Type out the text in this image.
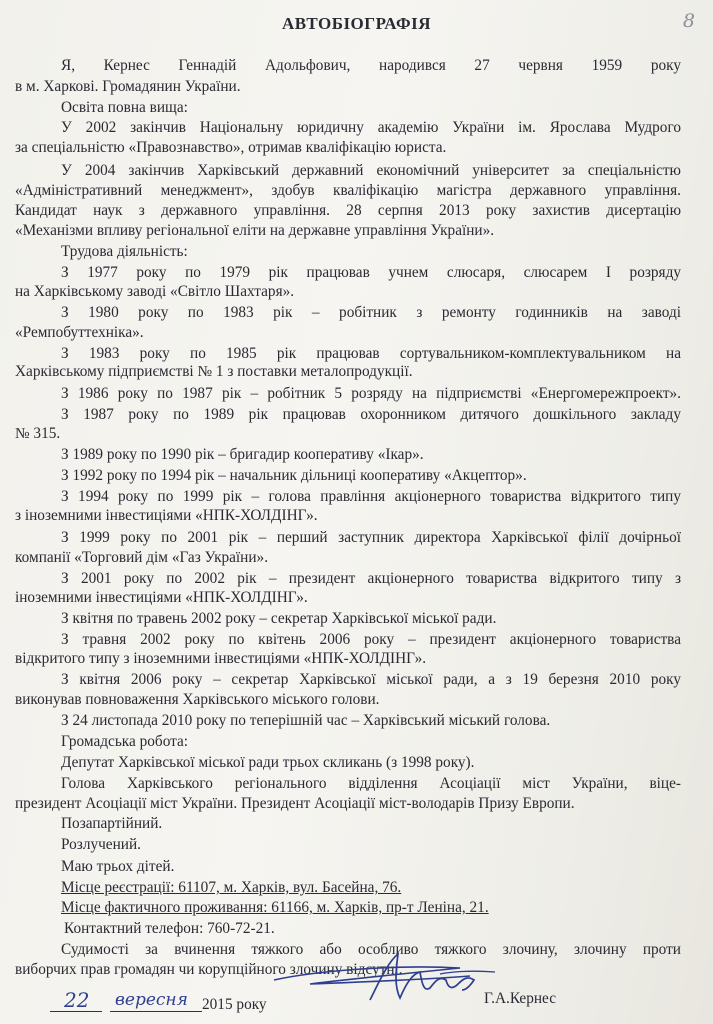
8
АВТОБІОГРАФІЯ
Я, Кернес Геннадій Адольфович, народився 27 червня 1959 року
в м. Харкові. Громадянин України.
Освіта повна вища:
У 2002 закінчив Національну юридичну академію України ім. Ярослава Мудрого
за спеціальністю «Правознавство», отримав кваліфікацію юриста.
У 2004 закінчив Харківський державний економічний університет за спеціальністю
«Адміністративний менеджмент», здобув кваліфікацію магістра державного управління.
Кандидат наук з державного управління. 28 серпня 2013 року захистив дисертацію
«Механізми впливу регіональної еліти на державне управління України».
Трудова діяльність:
З 1977 року по 1979 рік працював учнем слюсаря, слюсарем І розряду
на Харківському заводі «Світло Шахтаря».
З 1980 року по 1983 рік – робітник з ремонту годинників на заводі
«Ремпобуттехніка».
З 1983 року по 1985 рік працював сортувальником-комплектувальником на
Харківському підприємстві № 1 з поставки металопродукції.
З 1986 року по 1987 рік – робітник 5 розряду на підприємстві «Енергомережпроект».
З 1987 року по 1989 рік працював охоронником дитячого дошкільного закладу
№ 315.
З 1989 року по 1990 рік – бригадир кооперативу «Ікар».
З 1992 року по 1994 рік – начальник дільниці кооперативу «Акцептор».
З 1994 року по 1999 рік – голова правління акціонерного товариства відкритого типу
з іноземними інвестиціями «НПК-ХОЛДІНГ».
З 1999 року по 2001 рік – перший заступник директора Харківської філії дочірньої
компанії «Торговий дім «Газ України».
З 2001 року по 2002 рік – президент акціонерного товариства відкритого типу з
іноземними інвестиціями «НПК-ХОЛДІНГ».
З квітня по травень 2002 року – секретар Харківської міської ради.
З травня 2002 року по квітень 2006 року – президент акціонерного товариства
відкритого типу з іноземними інвестиціями «НПК-ХОЛДІНГ».
З квітня 2006 року – секретар Харківської міської ради, а з 19 березня 2010 року
виконував повноваження Харківського міського голови.
З 24 листопада 2010 року по теперішній час – Харківський міський голова.
Громадська робота:
Депутат Харківської міської ради трьох скликань (з 1998 року).
Голова Харківського регіонального відділення Асоціації міст України, віце-
президент Асоціації міст України. Президент Асоціації міст-володарів Призу Европи.
Позапартійний.
Розлучений.
Маю трьох дітей.
Місце реєстрації: 61107, м. Харків, вул. Басейна, 76.
Місце фактичного проживання: 61166, м. Харків, пр-т Леніна, 21.
Контактний телефон: 760-72-21.
Судимості за вчинення тяжкого або особливо тяжкого злочину, злочину проти
виборчих прав громадян чи корупційного злочину відсутні.
22 вересня 2015 року	Г.А.Кернес
